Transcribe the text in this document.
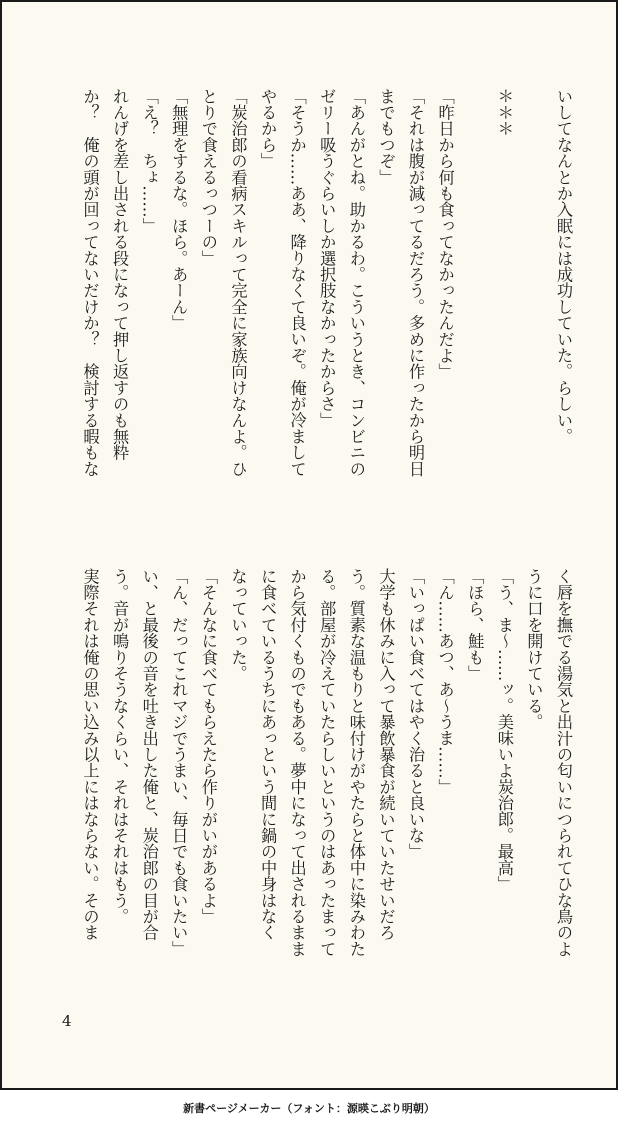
いしてなんとか入眠には成功していた。らしい。

＊＊＊

「昨日から何も食ってなかったんだよ」
「それは腹が減ってるだろう。多めに作ったから明日
までもつぞ」
「あんがとね。助かるわ。こういうとき、コンビニの
ゼリー吸うぐらいしか選択肢なかったからさ」
「そうか……ああ、降りなくて良いぞ。俺が冷まして
やるから」
「炭治郎の看病スキルって完全に家族向けなんよ。ひ
とりで食えるっつーの」
「無理をするな。ほら。あーん」
「え？　ちょ……」
れんげを差し出される段になって押し返すのも無粋
か？　俺の頭が回ってないだけか？　検討する暇もな
く唇を撫でる湯気と出汁の匂いにつられてひな鳥のよ
うに口を開けている。
「う、ま～……ッ。美味いよ炭治郎。最高」
「ほら、鮭も」
「ん……あつ、あ～うま……」
「いっぱい食べてはやく治ると良いな」
大学も休みに入って暴飲暴食が続いていたせいだろ
う。質素な温もりと味付けがやたらと体中に染みわた
る。部屋が冷えていたらしいというのはあったまって
から気付くものでもある。夢中になって出されるまま
に食べているうちにあっという間に鍋の中身はなく
なっていった。
「そんなに食べてもらえたら作りがいがあるよ」
「ん、だってこれマジでうまい、毎日でも食いたい」
い、と最後の音を吐き出した俺と、炭治郎の目が合
う。音が鳴りそうなくらい、それはそれはもう。
実際それは俺の思い込み以上にはならない。そのま
4
新書ページメーカー（フォント：源暎こぶり明朝）
